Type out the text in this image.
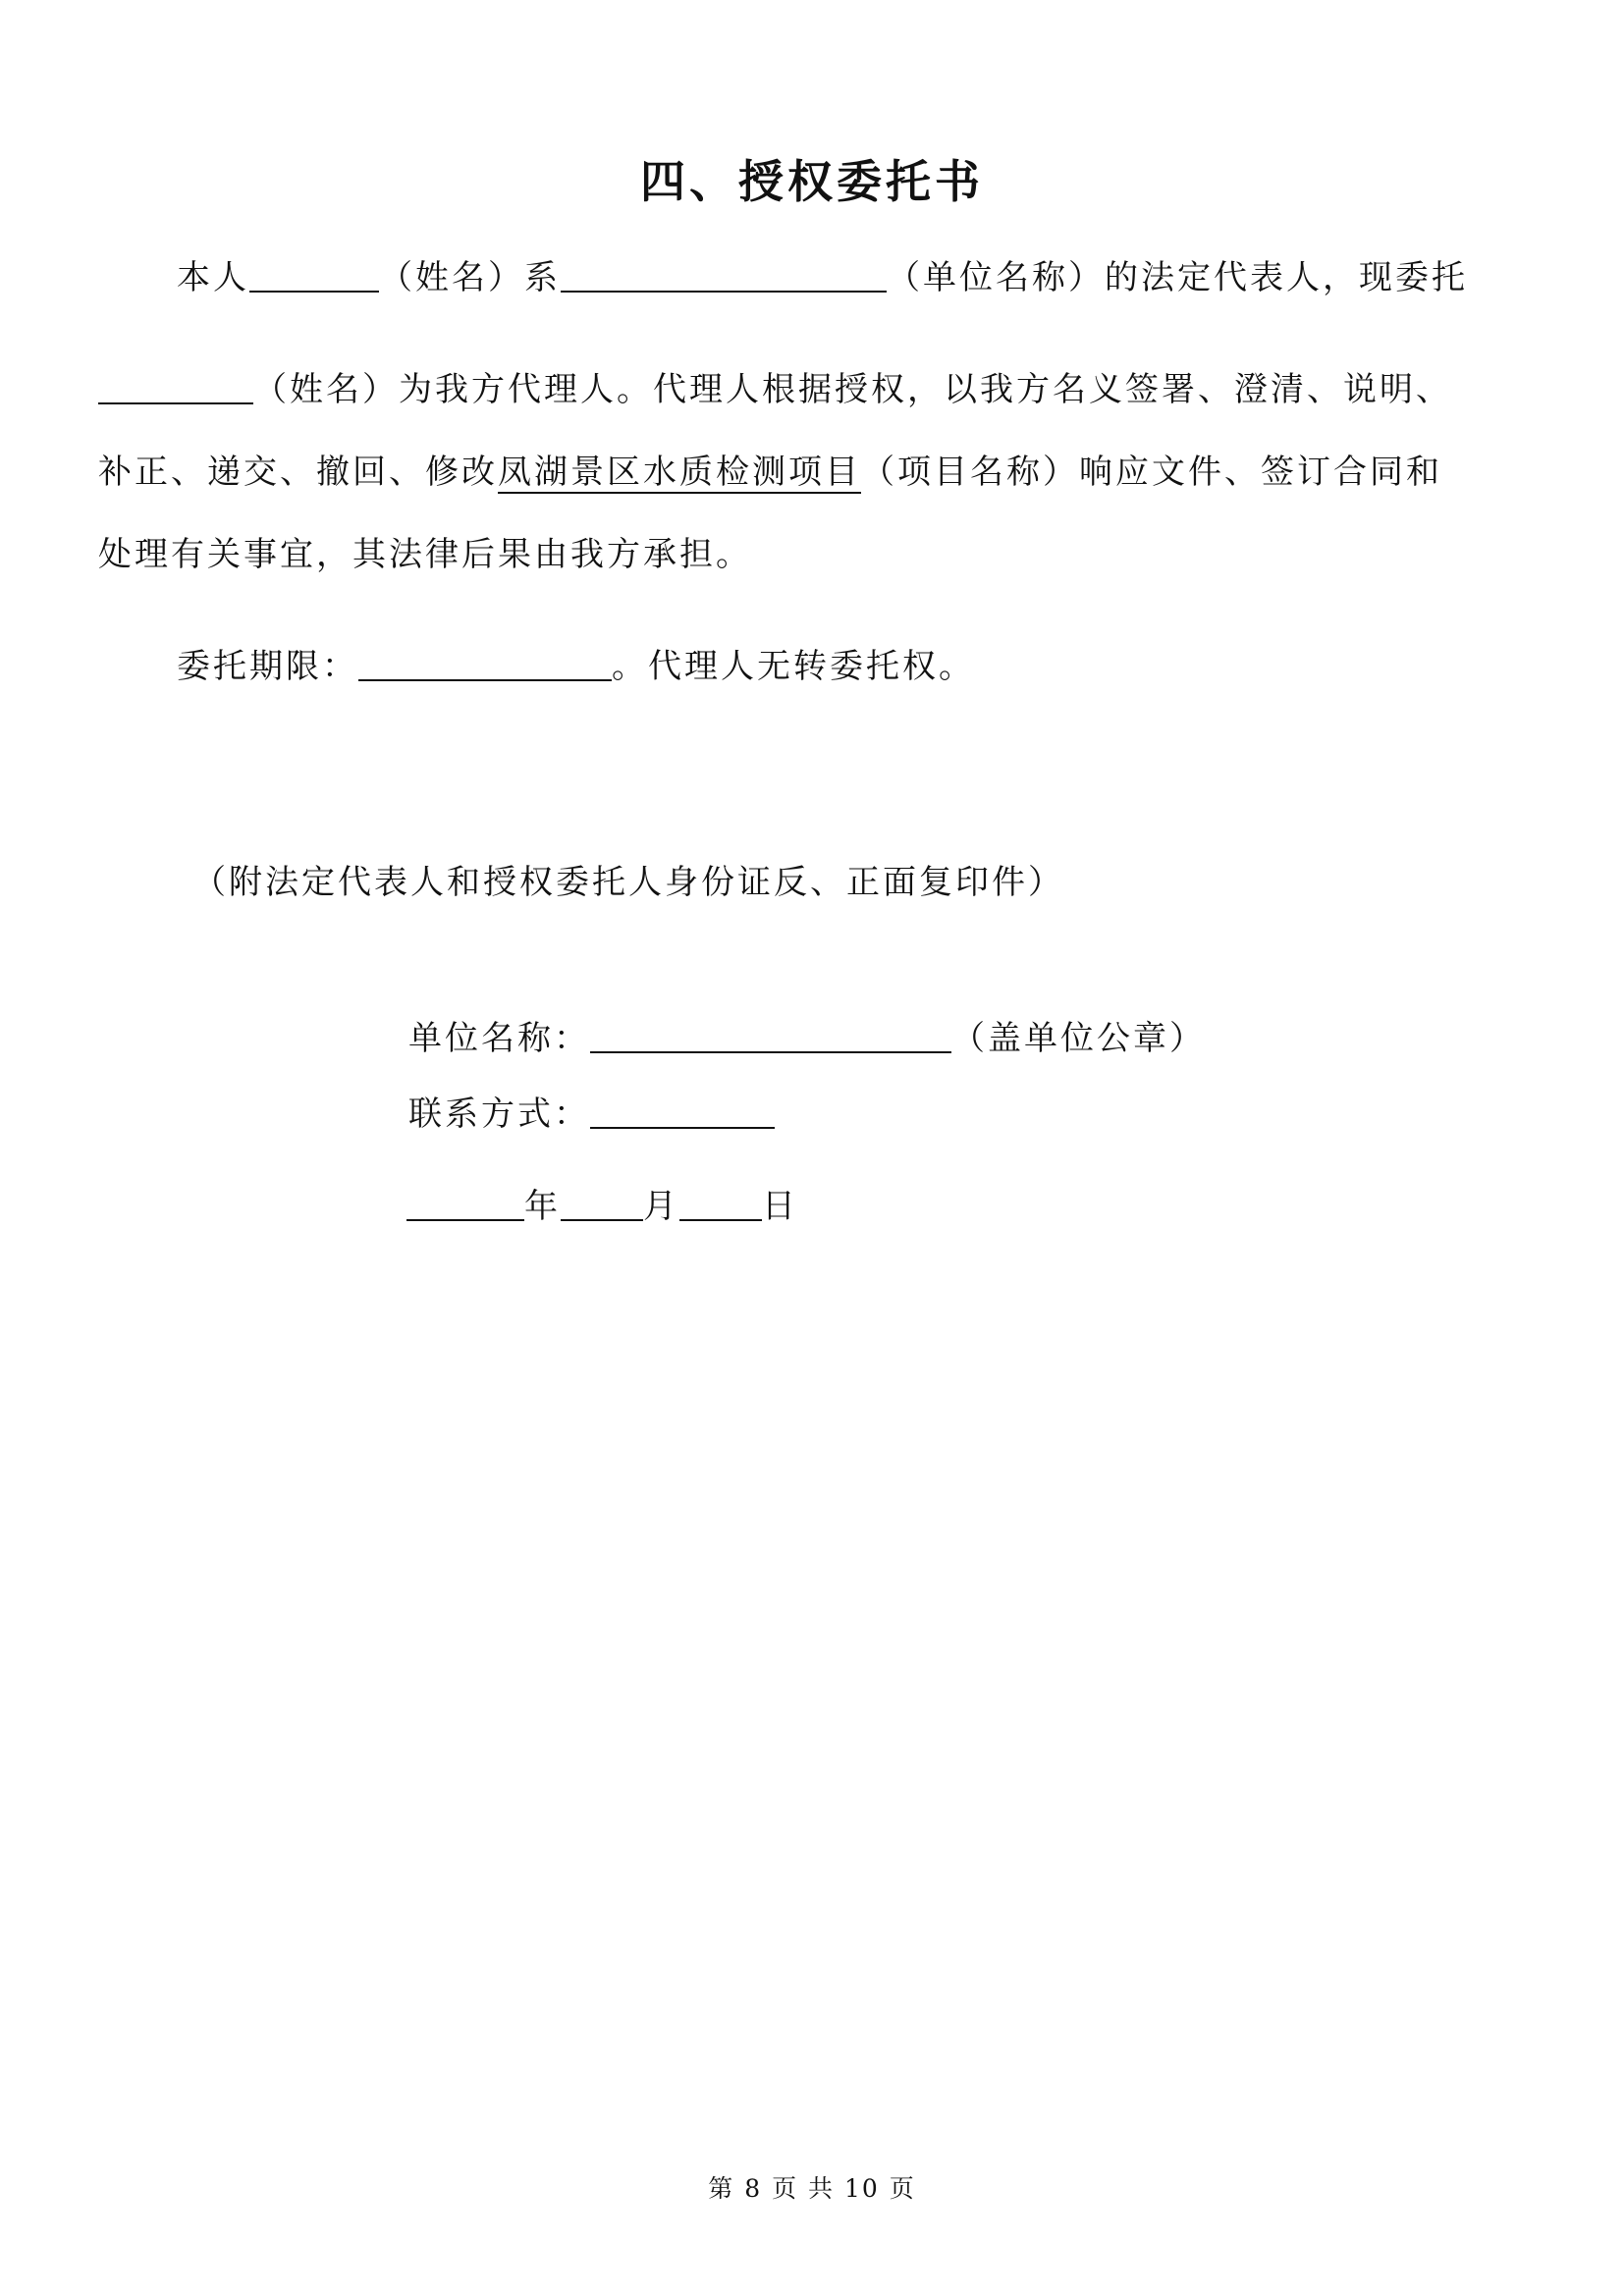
四、授权委托书
本人	（姓名）系	（单位名称）的法定代表人，现委托
（姓名）为我方代理人。代理人根据授权，以我方名义签署、澄清、说明、
补正、递交、撤回、修改凤湖景区水质检测项目（项目名称）响应文件、签订合同和
处理有关事宜，其法律后果由我方承担。
委托期限：	。代理人无转委托权。
（附法定代表人和授权委托人身份证反、正面复印件）
单位名称：	（盖单位公章）
联系方式：
年 月 日
第 8 页 共 10 页
